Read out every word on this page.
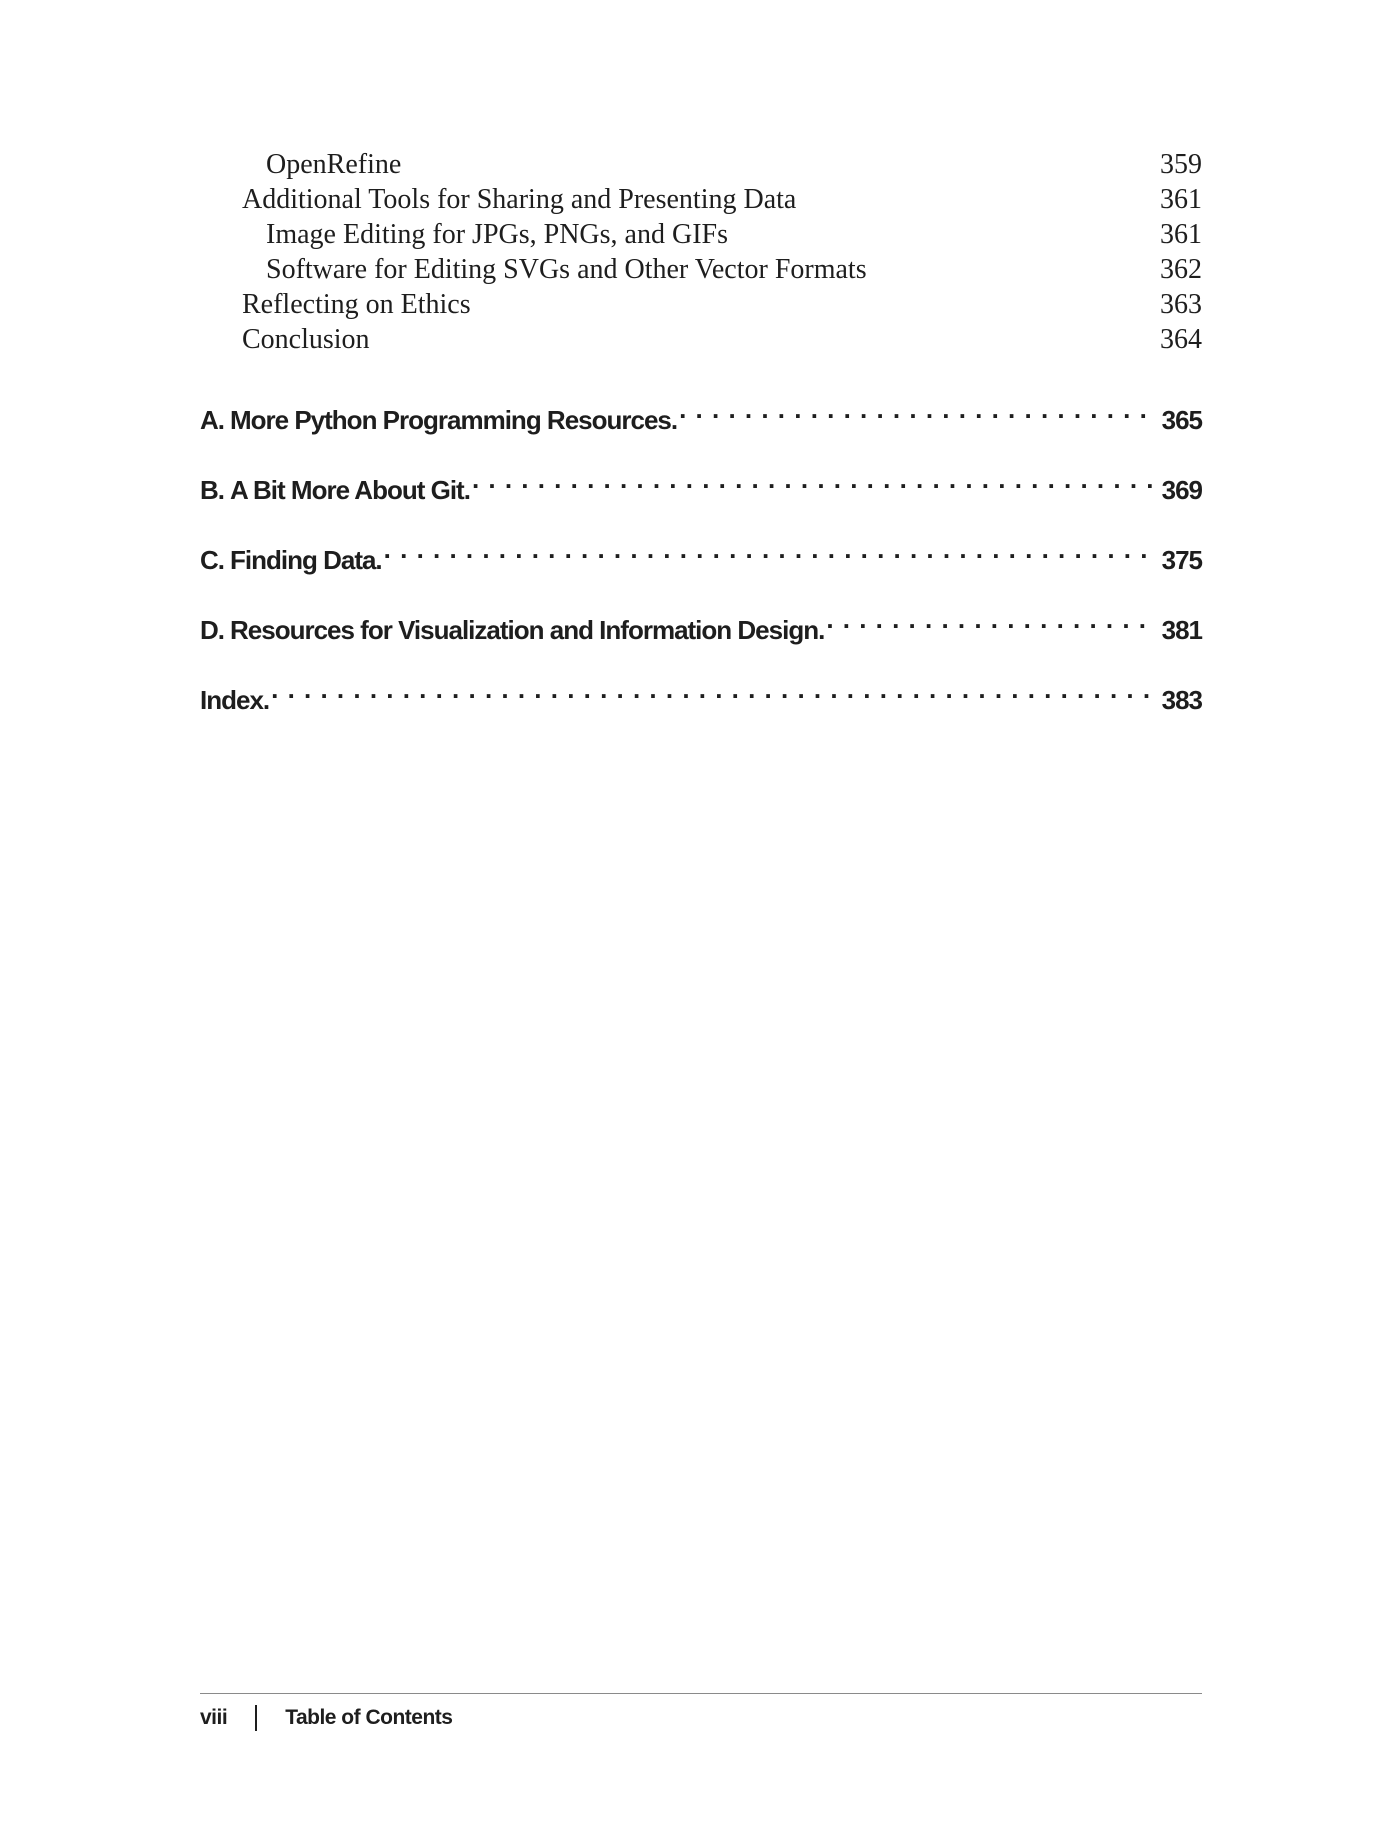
OpenRefine	359
Additional Tools for Sharing and Presenting Data	361
Image Editing for JPGs, PNGs, and GIFs	361
Software for Editing SVGs and Other Vector Formats	362
Reflecting on Ethics	363
Conclusion	364
A. More Python Programming Resources. . . .	365
B. A Bit More About Git. . . .	369
C. Finding Data. . . .	375
D. Resources for Visualization and Information Design. . . .	381
Index. . . .	383
viii	Table of Contents
